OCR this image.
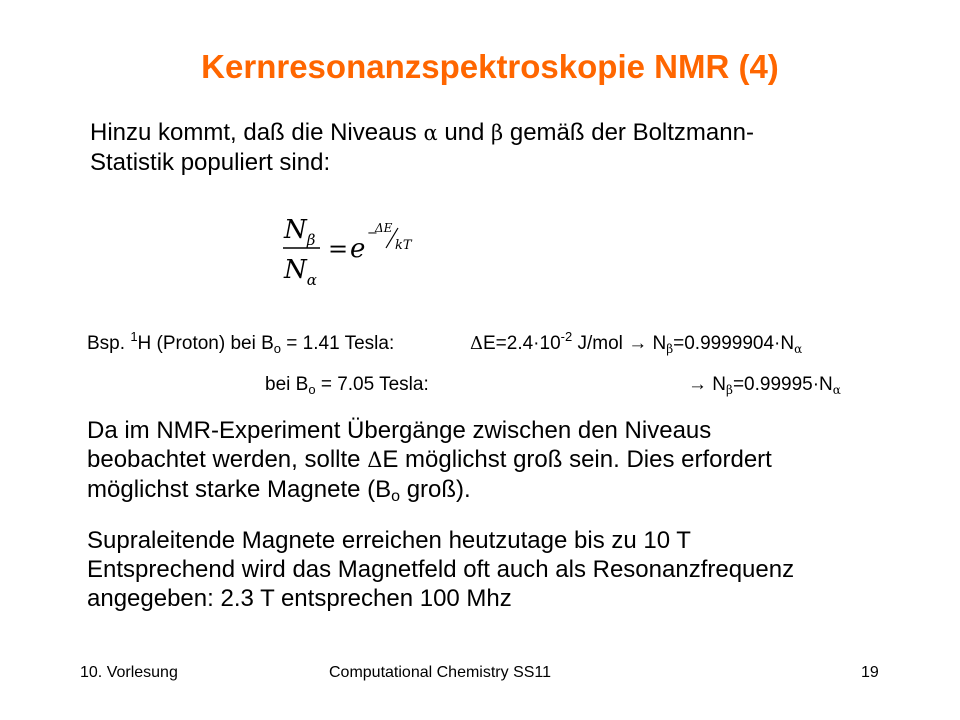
Kernresonanzspektroskopie NMR (4)
Hinzu kommt, daß die Niveaus α und β gemäß der Boltzmann-
Statistik populiert sind:
$N_\beta$
$N_\alpha$
= e
−
ΔE
kT
Bsp. $^1$H (Proton) bei $B_o = 1.41$ Tesla:	$\Delta E=2.4\cdot 10^{-2}$ $J/mol \to N_\beta=0.9999904\cdot N_\alpha$
bei $B_o = 7.05$ Tesla:	→ $N_\beta=0.99995\cdot N_\alpha$
Da im NMR-Experiment Übergänge zwischen den Niveaus
beobachtet werden, sollte ΔE möglichst groß sein. Dies erfordert
möglichst starke Magnete ($B_o$ groß).
Supraleitende Magnete erreichen heutzutage bis zu 10 T
Entsprechend wird das Magnetfeld oft auch als Resonanzfrequenz
angegeben: 2.3 T entsprechen 100 Mhz
10. Vorlesung	Computational Chemistry SS11	19
